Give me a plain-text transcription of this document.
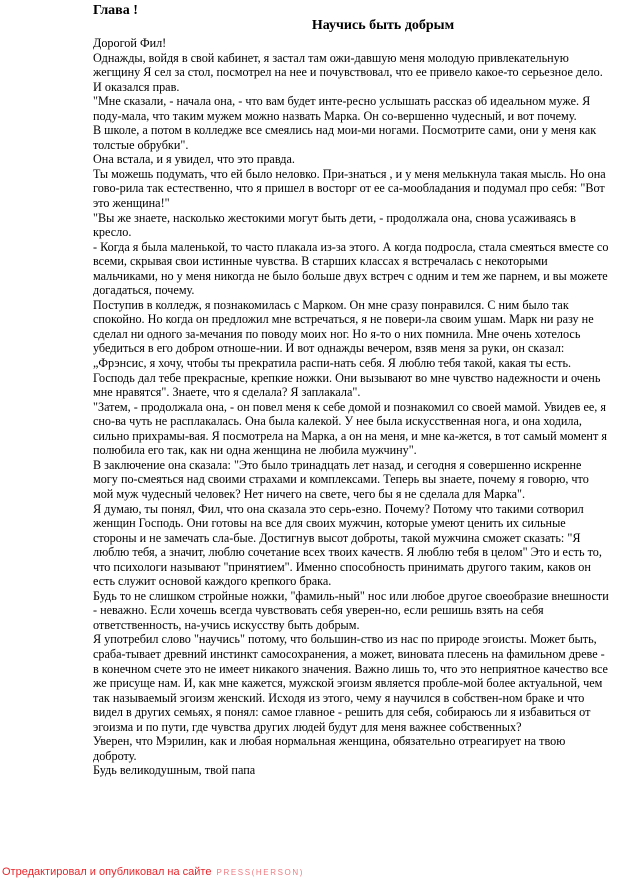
Глава !
Научись быть добрым

Дорогой Фил!

Однажды, войдя в свой кабинет, я застал там ожи-давшую меня молодую привлекательную жегщину Я сел за стол, посмотрел на нее и почувствовал, что ее привело какое-то серьезное дело. И оказался прав.

"Мне сказали, - начала она, - что вам будет инте-ресно услышать рассказ об идеальном муже. Я поду-мала, что таким мужем можно назвать Марка. Он со-вершенно чудесный, и вот почему.

В школе, а потом в колледже все смеялись над мои-ми ногами. Посмотрите сами, они у меня как толстые обрубки".

Она встала, и я увидел, что это правда.

Ты можешь подумать, что ей было неловко. При-знаться , и у меня мелькнула такая мысль. Но она гово-рила так естественно, что я пришел в восторг от ее са-мообладания и подумал про себя: "Вот это женщина!"

"Вы же знаете, насколько жестокими могут быть дети, - продолжала она, снова усаживаясь в кресло.

- Когда я была маленькой, то часто плакала из-за этого. А когда подросла, стала смеяться вместе со всеми, скрывая свои истинные чувства. В старших классах я встречалась с некоторыми мальчиками, но у меня никогда не было больше двух встреч с одним и тем же парнем, и вы можете догадаться, почему.

Поступив в колледж, я познакомилась с Марком. Он мне сразу понравился. С ним было так спокойно. Но когда он предложил мне встречаться, я не повери-ла своим ушам. Марк ни разу не сделал ни одного за-мечания по поводу моих ног. Но я-то о них помнила. Мне очень хотелось убедиться в его добром отноше-нии. И вот однажды вечером, взяв меня за руки, он сказал: „Фрэнсис, я хочу, чтобы ты прекратила распи-нать себя. Я люблю тебя такой, какая ты есть. Господь дал тебе прекрасные, крепкие ножки. Они вызывают во мне чувство надежности и очень мне нравятся". Знаете, что я сделала? Я заплакала".

"Затем, - продолжала она, - он повел меня к себе домой и познакомил со своей мамой. Увидев ее, я сно-ва чуть не расплакалась. Она была калекой. У нее была искусственная нога, и она ходила, сильно прихрамы-вая. Я посмотрела на Марка, а он на меня, и мне ка-жется, в тот самый момент я полюбила его так, как ни одна женщина не любила мужчину".

В заключение она сказала: "Это было тринадцать лет назад, и сегодня я совершенно искренне могу по-смеяться над своими страхами и комплексами. Теперь вы знаете, почему я говорю, что мой муж чудесный человек? Нет ничего на свете, чего бы я не сделала для Марка".

Я думаю, ты понял, Фил, что она сказала это серь-езно. Почему? Потому что такими сотворил женщин Господь. Они готовы на все для своих мужчин, которые умеют ценить их сильные стороны и не замечать сла-бые. Достигнув высот доброты, такой мужчина сможет сказать: "Я люблю тебя, а значит, люблю сочетание всех твоих качеств. Я люблю тебя в целом" Это и есть то, что психологи называют "принятием". Именно способность принимать другого таким, каков он есть служит основой каждого крепкого брака.

Будь то не слишком стройные ножки, "фамиль-ный" нос или любое другое своеобразие внешности - неважно. Если хочешь всегда чувствовать себя уверен-но, если решишь взять на себя ответственность, на-учись искусству быть добрым.

Я употребил слово "научись" потому, что большин-ство из нас по природе эгоисты. Может быть, сраба-тывает древний инстинкт самосохранения, а может, виновата плесень на фамильном древе - в конечном счете это не имеет никакого значения. Важно лишь то, что это неприятное качество все же присуще нам. И, как мне кажется, мужской эгоизм является пробле-мой более актуальной, чем так называемый эгоизм женский. Исходя из этого, чему я научился в собствен-ном браке и что видел в других семьях, я понял: самое главное - решить для себя, собираюсь ли я избавиться от эгоизма и по пути, где чувства других людей будут для меня важнее собственных?

Уверен, что Мэрилин, как и любая нормальная женщина, обязательно отреагирует на твою доброту.

Будь великодушным, твой папа

Отредактировал и опубликовал на сайте PRESS(HERSON)
